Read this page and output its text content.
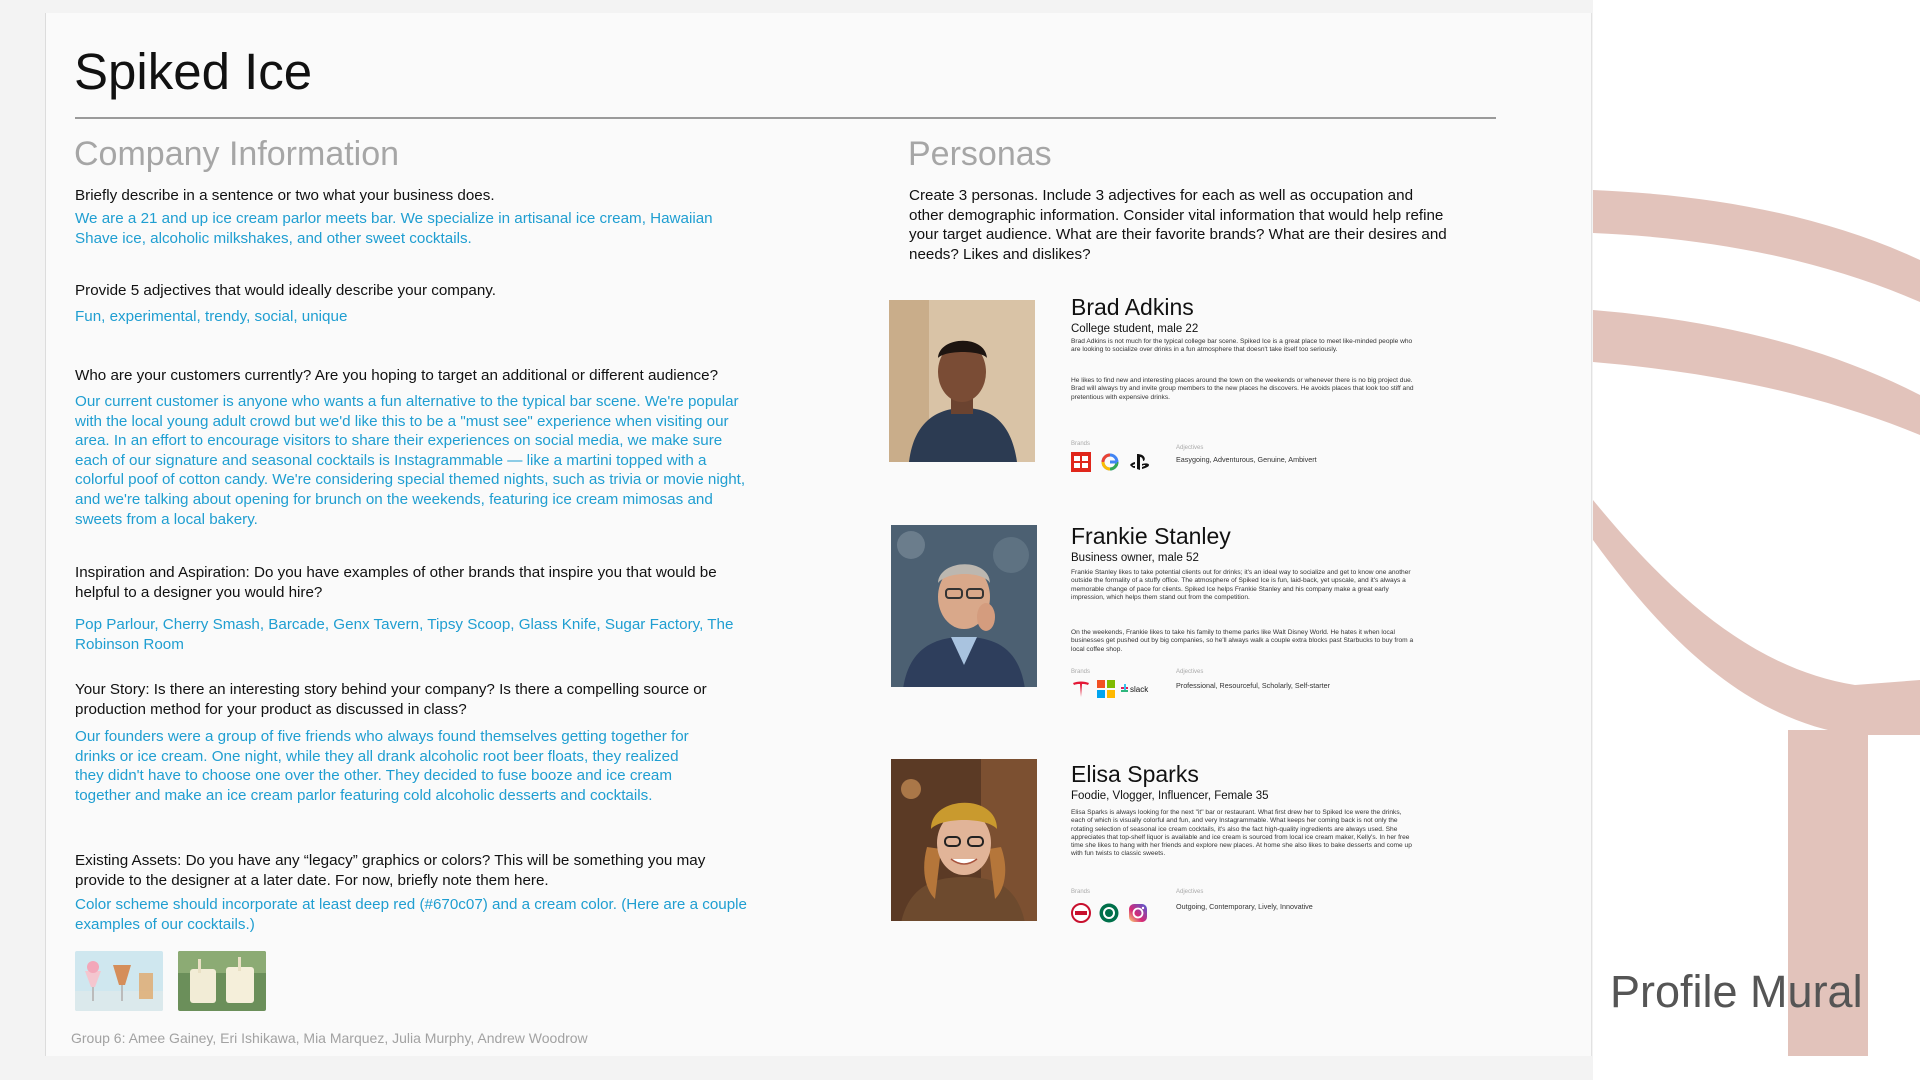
Profile Mural
Spiked Ice
Company Information
Briefly describe in a sentence or two what your business does.
We are a 21 and up ice cream parlor meets bar. We specialize in artisanal ice cream, Hawaiian Shave ice, alcoholic milkshakes, and other sweet cocktails.
Provide 5 adjectives that would ideally describe your company.
Fun, experimental, trendy, social, unique
Who are your customers currently? Are you hoping to target an additional or different audience?
Our current customer is anyone who wants a fun alternative to the typical bar scene. We're popular with the local young adult crowd but we'd like this to be a "must see" experience when visiting our area. In an effort to encourage visitors to share their experiences on social media, we make sure each of our signature and seasonal cocktails is Instagrammable — like a martini topped with a colorful poof of cotton candy. We're considering special themed nights, such as trivia or movie night, and we're talking about opening for brunch on the weekends, featuring ice cream mimosas and sweets from a local bakery.
Inspiration and Aspiration: Do you have examples of other brands that inspire you that would be helpful to a designer you would hire?
Pop Parlour, Cherry Smash, Barcade, Genx Tavern, Tipsy Scoop, Glass Knife, Sugar Factory, The Robinson Room
Your Story: Is there an interesting story behind your company? Is there a compelling source or production method for your product as discussed in class?
Our founders were a group of five friends who always found themselves getting together for drinks or ice cream. One night, while they all drank alcoholic root beer floats, they realized they didn't have to choose one over the other. They decided to fuse booze and ice cream together and make an ice cream parlor featuring cold alcoholic desserts and cocktails.
Existing Assets: Do you have any “legacy” graphics or colors? This will be something you may provide to the designer at a later date. For now, briefly note them here.
Color scheme should incorporate at least deep red (#670c07) and a cream color. (Here are a couple examples of our cocktails.)
Group 6: Amee Gainey, Eri Ishikawa, Mia Marquez, Julia Murphy, Andrew Woodrow
Personas
Create 3 personas. Include 3 adjectives for each as well as occupation and other demographic information. Consider vital information that would help refine your target audience. What are their favorite brands? What are their desires and needs? Likes and dislikes?
Brad Adkins
College student, male 22
Brad Adkins is not much for the typical college bar scene. Spiked Ice is a great place to meet like-minded people who are looking to socialize over drinks in a fun atmosphere that doesn't take itself too seriously.
He likes to find new and interesting places around the town on the weekends or whenever there is no big project due. Brad will always try and invite group members to the new places he discovers. He avoids places that look too stiff and pretentious with expensive drinks.
Brands
Adjectives
Easygoing, Adventurous, Genuine, Ambivert
Frankie Stanley
Business owner, male 52
Frankie Stanley likes to take potential clients out for drinks; it's an ideal way to socialize and get to know one another outside the formality of a stuffy office. The atmosphere of Spiked Ice is fun, laid-back, yet upscale, and it's always a memorable change of pace for clients. Spiked Ice helps Frankie Stanley and his company make a great early impression, which helps them stand out from the competition.
On the weekends, Frankie likes to take his family to theme parks like Walt Disney World. He hates it when local businesses get pushed out by big companies, so he'll always walk a couple extra blocks past Starbucks to buy from a local coffee shop.
Brands	Adjectives
Professional, Resourceful, Scholarly, Self-starter
slack
Elisa Sparks
Foodie, Vlogger, Influencer, Female 35
Elisa Sparks is always looking for the next "it" bar or restaurant. What first drew her to Spiked Ice were the drinks, each of which is visually colorful and fun, and very Instagrammable. What keeps her coming back is not only the rotating selection of seasonal ice cream cocktails, it's also the fact high-quality ingredients are always used. She appreciates that top-shelf liquor is available and ice cream is sourced from local ice cream maker, Kelly's. In her free time she likes to hang with her friends and explore new places. At home she also likes to bake desserts and come up with fun twists to classic sweets.
Brands	Adjectives
Outgoing, Contemporary, Lively, Innovative
